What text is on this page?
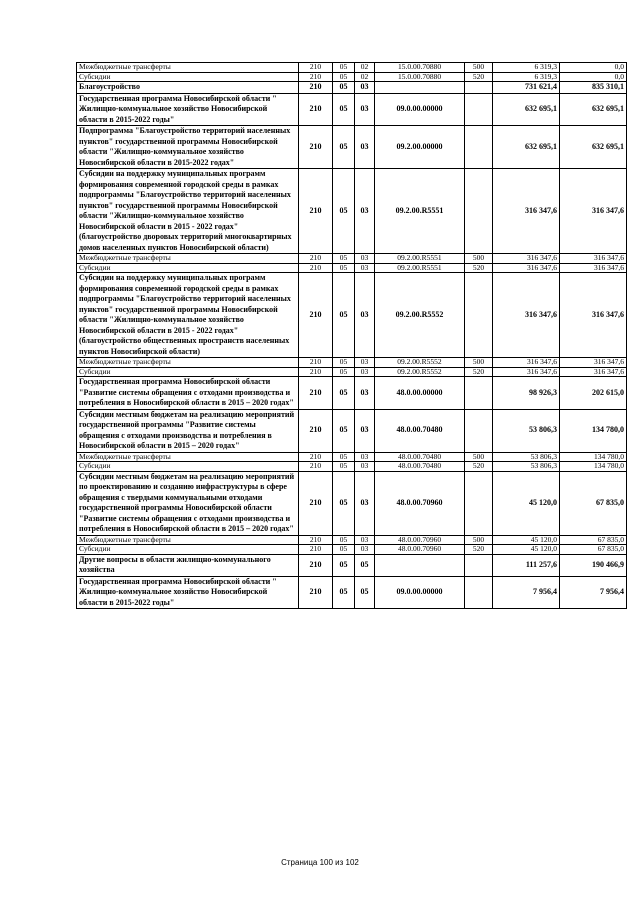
Межбюджетные трансферты	210	05	02	15.0.00.70880	500	6 319,3	0,0
Субсидии	210	05	02	15.0.00.70880	520	6 319,3	0,0
Благоустройство	210	05	03			731 621,4	835 310,1
Государственная программа Новосибирской области " Жилищно-коммунальное хозяйство Новосибирской области в 2015-2022 годы"	210	05	03	09.0.00.00000		632 695,1	632 695,1
Подпрограмма "Благоустройство территорий населенных пунктов" государственной программы Новосибирской области "Жилищно-коммунальное хозяйство Новосибирской области в 2015-2022 годах"	210	05	03	09.2.00.00000		632 695,1	632 695,1
Субсидии на поддержку муниципальных программ формирования современной городской среды в рамках подпрограммы "Благоустройство территорий населенных пунктов" государственной программы Новосибирской области "Жилищно-коммунальное хозяйство Новосибирской области в 2015 - 2022 годах" (благоустройство дворовых территорий многоквартирных домов населенных пунктов Новосибирской области)	210	05	03	09.2.00.R5551		316 347,6	316 347,6
Межбюджетные трансферты	210	05	03	09.2.00.R5551	500	316 347,6	316 347,6
Субсидии	210	05	03	09.2.00.R5551	520	316 347,6	316 347,6
Субсидии на поддержку муниципальных программ формирования современной городской среды в рамках подпрограммы "Благоустройство территорий населенных пунктов" государственной программы Новосибирской области "Жилищно-коммунальное хозяйство Новосибирской области в 2015 - 2022 годах" (благоустройство общественных пространств населенных пунктов Новосибирской области)	210	05	03	09.2.00.R5552		316 347,6	316 347,6
Межбюджетные трансферты	210	05	03	09.2.00.R5552	500	316 347,6	316 347,6
Субсидии	210	05	03	09.2.00.R5552	520	316 347,6	316 347,6
Государственная программа Новосибирской области "Развитие системы обращения с отходами производства и потребления в Новосибирской области в 2015 – 2020 годах"	210	05	03	48.0.00.00000		98 926,3	202 615,0
Субсидии местным бюджетам на реализацию мероприятий государственной программы "Развитие системы обращения с отходами производства и потребления в Новосибирской области в 2015 – 2020 годах"	210	05	03	48.0.00.70480		53 806,3	134 780,0
Межбюджетные трансферты	210	05	03	48.0.00.70480	500	53 806,3	134 780,0
Субсидии	210	05	03	48.0.00.70480	520	53 806,3	134 780,0
Субсидии местным бюджетам на реализацию мероприятий по проектированию и созданию инфраструктуры в сфере обращения с твердыми коммунальными отходами государственной программы Новосибирской области "Развитие системы обращения с отходами производства и потребления в Новосибирской области в 2015 – 2020 годах"	210	05	03	48.0.00.70960		45 120,0	67 835,0
Межбюджетные трансферты	210	05	03	48.0.00.70960	500	45 120,0	67 835,0
Субсидии	210	05	03	48.0.00.70960	520	45 120,0	67 835,0
Другие вопросы в области жилищно-коммунального хозяйства	210	05	05			111 257,6	190 466,9
Государственная программа Новосибирской области " Жилищно-коммунальное хозяйство Новосибирской области в 2015-2022 годы"	210	05	05	09.0.00.00000		7 956,4	7 956,4
Страница 100 из 102
